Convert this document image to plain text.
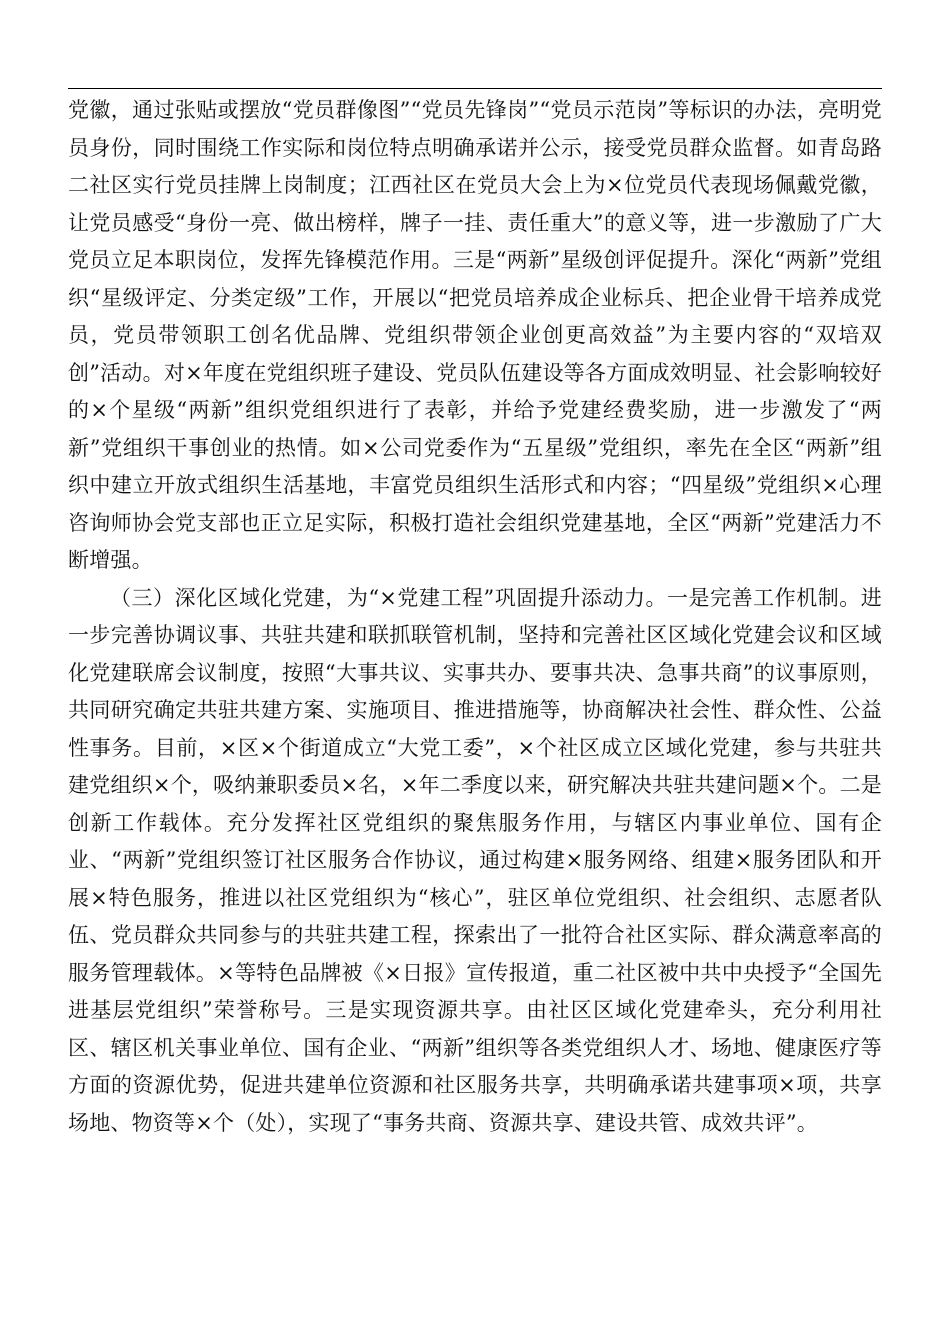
党徽，通过张贴或摆放“党员群像图”“党员先锋岗”“党员示范岗”等标识的办法，亮明党员身份，同时围绕工作实际和岗位特点明确承诺并公示，接受党员群众监督。如青岛路二社区实行党员挂牌上岗制度；江西社区在党员大会上为×位党员代表现场佩戴党徽，让党员感受“身份一亮、做出榜样，牌子一挂、责任重大”的意义等，进一步激励了广大党员立足本职岗位，发挥先锋模范作用。三是“两新”星级创评促提升。深化“两新”党组织“星级评定、分类定级”工作，开展以“把党员培养成企业标兵、把企业骨干培养成党员，党员带领职工创名优品牌、党组织带领企业创更高效益”为主要内容的“双培双创”活动。对×年度在党组织班子建设、党员队伍建设等各方面成效明显、社会影响较好的×个星级“两新”组织党组织进行了表彰，并给予党建经费奖励，进一步激发了“两新”党组织干事创业的热情。如×公司党委作为“五星级”党组织，率先在全区“两新”组织中建立开放式组织生活基地，丰富党员组织生活形式和内容；“四星级”党组织×心理咨询师协会党支部也正立足实际，积极打造社会组织党建基地，全区“两新”党建活力不断增强。

（三）深化区域化党建，为“×党建工程”巩固提升添动力。一是完善工作机制。进一步完善协调议事、共驻共建和联抓联管机制，坚持和完善社区区域化党建会议和区域化党建联席会议制度，按照“大事共议、实事共办、要事共决、急事共商”的议事原则，共同研究确定共驻共建方案、实施项目、推进措施等，协商解决社会性、群众性、公益性事务。目前，×区×个街道成立“大党工委”，×个社区成立区域化党建，参与共驻共建党组织×个，吸纳兼职委员×名，×年二季度以来，研究解决共驻共建问题×个。二是创新工作载体。充分发挥社区党组织的聚焦服务作用，与辖区内事业单位、国有企业、“两新”党组织签订社区服务合作协议，通过构建×服务网络、组建×服务团队和开展×特色服务，推进以社区党组织为“核心”，驻区单位党组织、社会组织、志愿者队伍、党员群众共同参与的共驻共建工程，探索出了一批符合社区实际、群众满意率高的服务管理载体。×等特色品牌被《×日报》宣传报道，重二社区被中共中央授予“全国先进基层党组织”荣誉称号。三是实现资源共享。由社区区域化党建牵头，充分利用社区、辖区机关事业单位、国有企业、“两新”组织等各类党组织人才、场地、健康医疗等方面的资源优势，促进共建单位资源和社区服务共享，共明确承诺共建事项×项，共享场地、物资等×个（处），实现了“事务共商、资源共享、建设共管、成效共评”。
